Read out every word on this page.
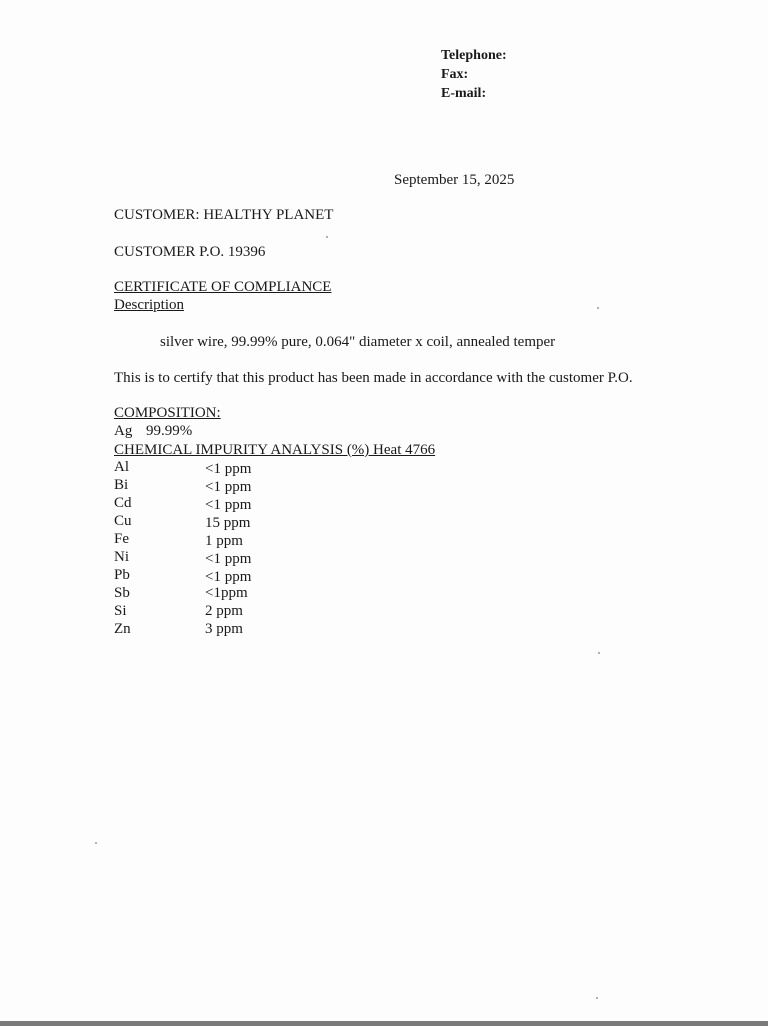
Telephone:
Fax:
E-mail:
September 15, 2025
CUSTOMER: HEALTHY PLANET
CUSTOMER P.O. 19396
CERTIFICATE OF COMPLIANCE
Description
silver wire, 99.99% pure, 0.064" diameter x coil, annealed temper
This is to certify that this product has been made in accordance with the customer P.O.
COMPOSITION:
Ag 99.99%
CHEMICAL IMPURITY ANALYSIS (%) Heat 4766
Al	<1 ppm
Bi	<1 ppm
Cd	<1 ppm
Cu	15 ppm
Fe	1 ppm
Ni	<1 ppm
Pb	<1 ppm
Sb	<1ppm
Si	2 ppm
Zn	3 ppm
